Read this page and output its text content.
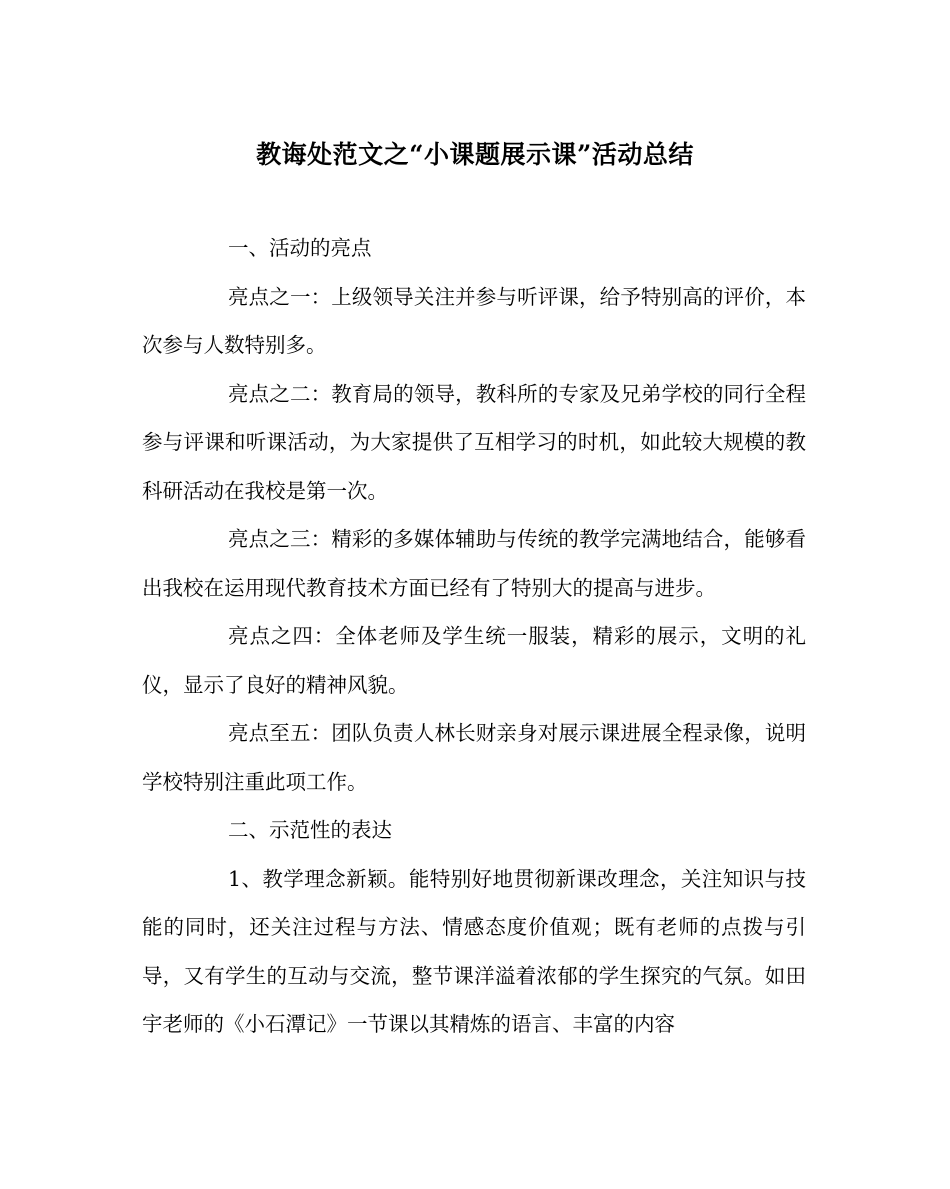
教诲处范文之“小课题展示课”活动总结

一、活动的亮点

亮点之一：上级领导关注并参与听评课，给予特别高的评价，本次参与人数特别多。

亮点之二：教育局的领导，教科所的专家及兄弟学校的同行全程参与评课和听课活动，为大家提供了互相学习的时机，如此较大规模的教科研活动在我校是第一次。

亮点之三：精彩的多媒体辅助与传统的教学完满地结合，能够看出我校在运用现代教育技术方面已经有了特别大的提高与进步。

亮点之四：全体老师及学生统一服装，精彩的展示，文明的礼仪，显示了良好的精神风貌。

亮点至五：团队负责人林长财亲身对展示课进展全程录像，说明学校特别注重此项工作。

二、示范性的表达

1、教学理念新颖。能特别好地贯彻新课改理念，关注知识与技能的同时，还关注过程与方法、情感态度价值观；既有老师的点拨与引导，又有学生的互动与交流，整节课洋溢着浓郁的学生探究的气氛。如田宇老师的《小石潭记》一节课以其精炼的语言、丰富的内容
